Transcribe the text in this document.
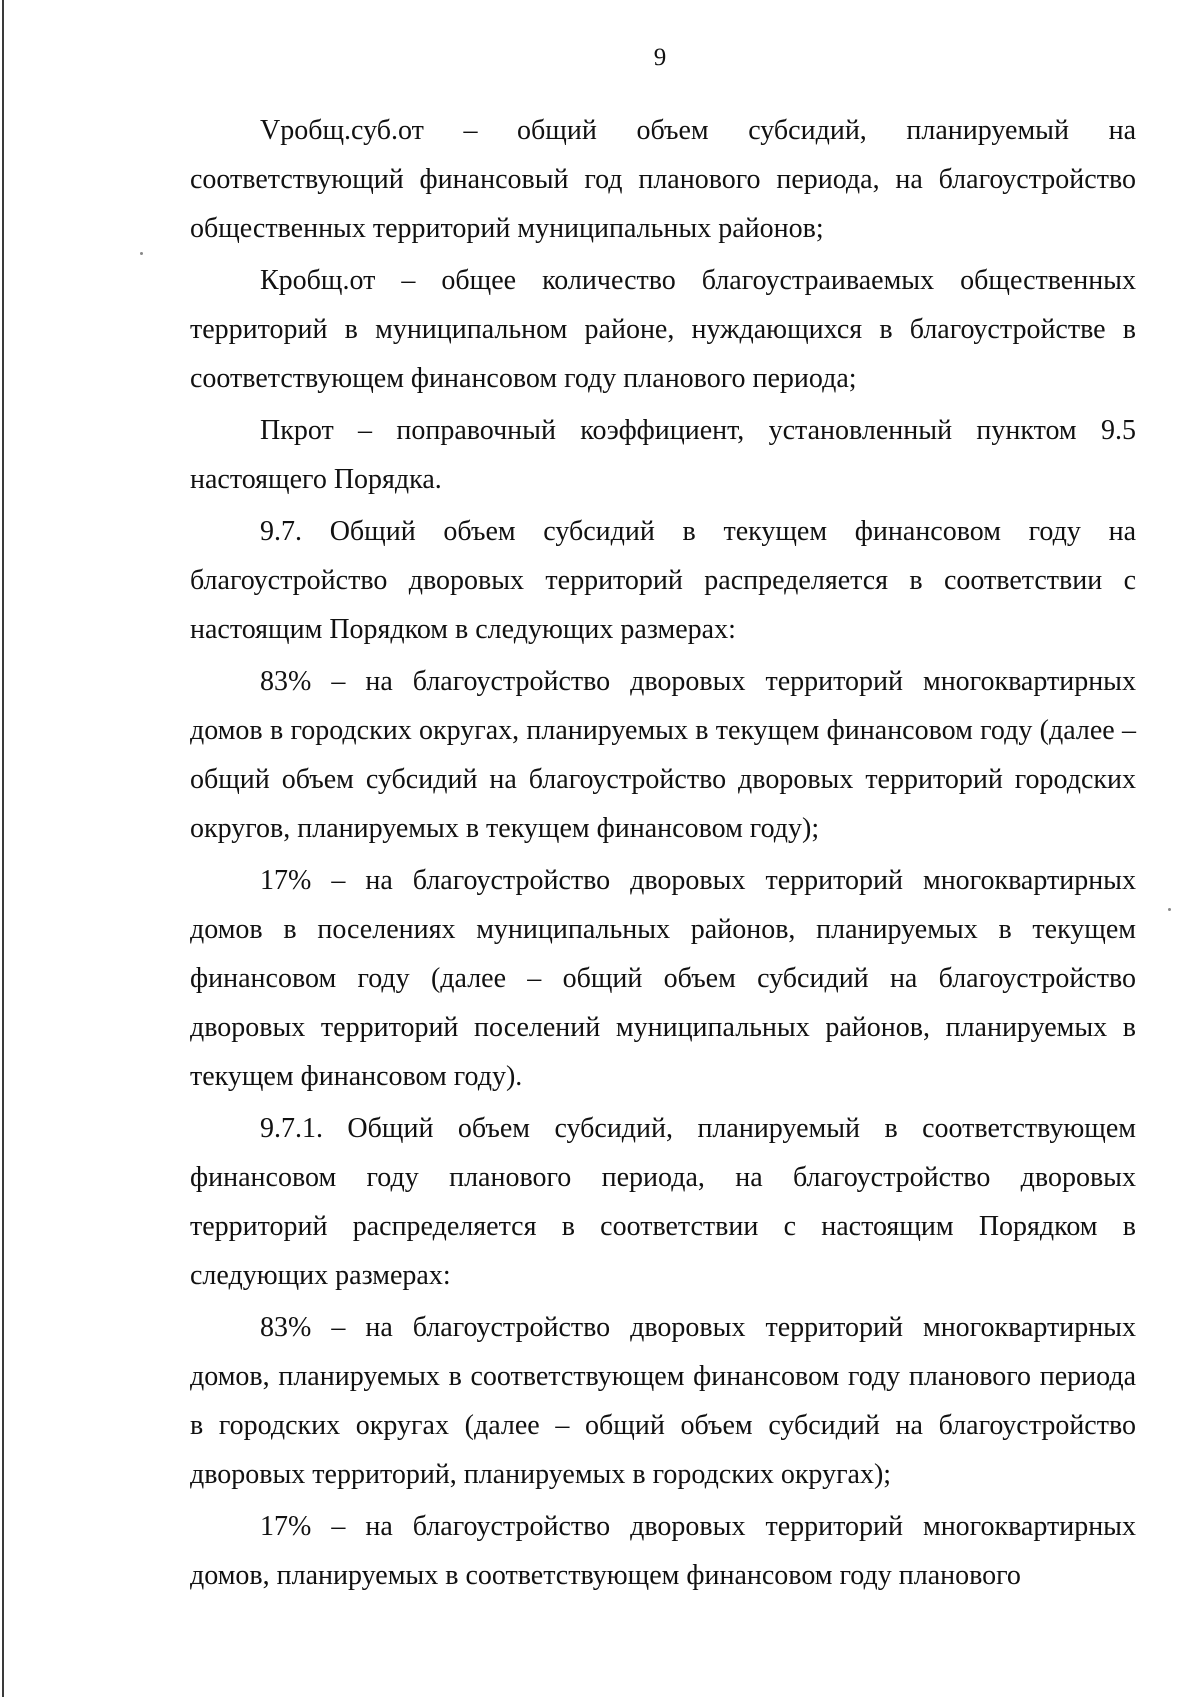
9

Vробщ.суб.от – общий объем субсидий, планируемый на соответствующий финансовый год планового периода, на благоустройство общественных территорий муниципальных районов;

Кробщ.от – общее количество благоустраиваемых общественных территорий в муниципальном районе, нуждающихся в благоустройстве в соответствующем финансовом году планового периода;

Пкрот – поправочный коэффициент, установленный пунктом 9.5 настоящего Порядка.

9.7. Общий объем субсидий в текущем финансовом году на благоустройство дворовых территорий распределяется в соответствии с настоящим Порядком в следующих размерах:

83% – на благоустройство дворовых территорий многоквартирных домов в городских округах, планируемых в текущем финансовом году (далее – общий объем субсидий на благоустройство дворовых территорий городских округов, планируемых в текущем финансовом году);

17% – на благоустройство дворовых территорий многоквартирных домов в поселениях муниципальных районов, планируемых в текущем финансовом году (далее – общий объем субсидий на благоустройство дворовых территорий поселений муниципальных районов, планируемых в текущем финансовом году).

9.7.1. Общий объем субсидий, планируемый в соответствующем финансовом году планового периода, на благоустройство дворовых территорий распределяется в соответствии с настоящим Порядком в следующих размерах:

83% – на благоустройство дворовых территорий многоквартирных домов, планируемых в соответствующем финансовом году планового периода в городских округах (далее – общий объем субсидий на благоустройство дворовых территорий, планируемых в городских округах);

17% – на благоустройство дворовых территорий многоквартирных домов, планируемых в соответствующем финансовом году планового
